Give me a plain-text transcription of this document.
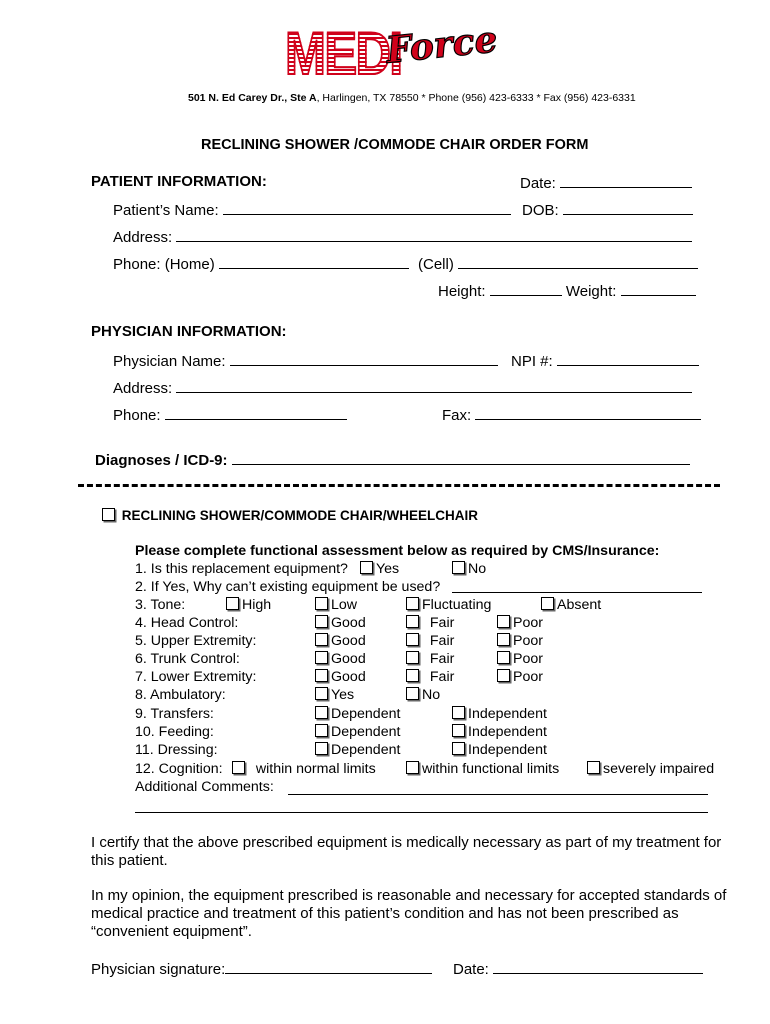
MEDI
Force
501 N. Ed Carey Dr., Ste A, Harlingen, TX 78550 * Phone (956) 423-6333 * Fax (956) 423-6331
RECLINING SHOWER /COMMODE CHAIR ORDER FORM
PATIENT INFORMATION:	Date:
Patient’s Name:	DOB:
Address:
Phone: (Home)	(Cell)
Height:	Weight:
PHYSICIAN INFORMATION:
Physician Name:	NPI #:
Address:
Phone:	Fax:
Diagnoses / ICD-9:
RECLINING SHOWER/COMMODE CHAIR/WHEELCHAIR
Please complete functional assessment below as required by CMS/Insurance:
1. Is this replacement equipment?	Yes	No
2. If Yes, Why can’t existing equipment be used?
3. Tone:	High	Low	Fluctuating	Absent
4. Head Control:	Good	Fair	Poor
5. Upper Extremity:	Good	Fair	Poor
6. Trunk Control:	Good	Fair	Poor
7. Lower Extremity:	Good	Fair	Poor
8. Ambulatory:	Yes	No
9. Transfers:	Dependent	Independent
10. Feeding:	Dependent	Independent
11. Dressing:	Dependent	Independent
12. Cognition:	within normal limits	within functional limits	severely impaired
Additional Comments:

I certify that the above prescribed equipment is medically necessary as part of my treatment for this patient.

In my opinion, the equipment prescribed is reasonable and necessary for accepted standards of medical practice and treatment of this patient’s condition and has not been prescribed as “convenient equipment”.

Physician signature:	Date:
